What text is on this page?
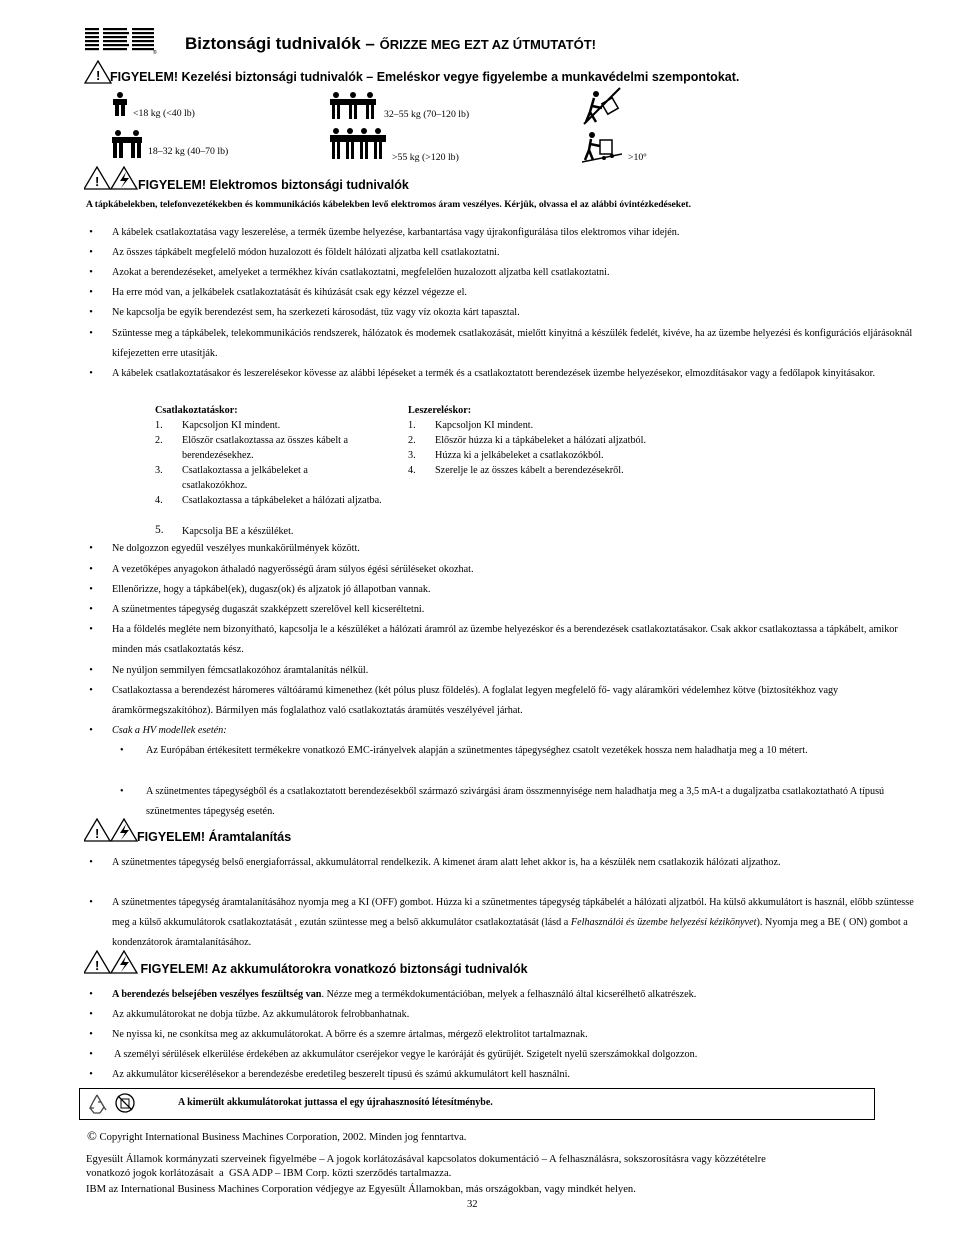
® Biztonsági tudnivalók – ŐRIZZE MEG EZT AZ ÚTMUTATÓT!
! FIGYELEM! Kezelési biztonsági tudnivalók – Emeléskor vegye figyelembe a munkavédelmi szempontokat.
<18 kg (<40 lb)
18–32 kg (40–70 lb)
32–55 kg (70–120 lb)
>55 kg (>120 lb)	>10º
!	FIGYELEM! Elektromos biztonsági tudnivalók
A tápkábelekben, telefonvezetékekben és kommunikációs kábelekben levő elektromos áram veszélyes. Kérjük, olvassa el az alábbi óvintézkedéseket.
•	A kábelek csatlakoztatása vagy leszerelése, a termék üzembe helyezése, karbantartása vagy újrakonfigurálása tilos elektromos vihar idején.
•	Az összes tápkábelt megfelelő módon huzalozott és földelt hálózati aljzatba kell csatlakoztatni.
•	Azokat a berendezéseket, amelyeket a termékhez kíván csatlakoztatni, megfelelően huzalozott aljzatba kell csatlakoztatni.
•	Ha erre mód van, a jelkábelek csatlakoztatását és kihúzását csak egy kézzel végezze el.
•	Ne kapcsolja be egyik berendezést sem, ha szerkezeti károsodást, tűz vagy víz okozta kárt tapasztal.
•	Szüntesse meg a tápkábelek, telekommunikációs rendszerek, hálózatok és modemek csatlakozását, mielőtt kinyitná a készülék fedelét, kivéve, ha az üzembe helyezési és konfigurációs eljárásoknál kifejezetten erre utasítják.
•	A kábelek csatlakoztatásakor és leszerelésekor kövesse az alábbi lépéseket a termék és a csatlakoztatott berendezések üzembe helyezésekor, elmozdításakor vagy a fedőlapok kinyitásakor.
Csatlakoztatáskor:
1.	Kapcsoljon KI mindent.
2.	Először csatlakoztassa az összes kábelt a berendezésekhez.
3.	Csatlakoztassa a jelkábeleket a csatlakozókhoz.
4.	Csatlakoztassa a tápkábeleket a hálózati aljzatba.
5.	Kapcsolja BE a készüléket.
Leszereléskor:
1.	Kapcsoljon KI mindent.
2.	Először húzza ki a tápkábeleket a hálózati aljzatból.
3.	Húzza ki a jelkábeleket a csatlakozókból.
4.	Szerelje le az összes kábelt a berendezésekről.
•	Ne dolgozzon egyedül veszélyes munkakörülmények között.
•	A vezetőképes anyagokon áthaladó nagyerősségű áram súlyos égési sérüléseket okozhat.
•	Ellenőrizze, hogy a tápkábel(ek), dugasz(ok) és aljzatok jó állapotban vannak.
•	A szünetmentes tápegység dugaszát szakképzett szerelővel kell kicseréltetni.
•	Ha a földelés megléte nem bizonyítható, kapcsolja le a készüléket a hálózati áramról az üzembe helyezéskor és a berendezések csatlakoztatásakor. Csak akkor csatlakoztassa a tápkábelt, amikor minden más csatlakoztatás kész.
•	Ne nyúljon semmilyen fémcsatlakozóhoz áramtalanítás nélkül.
•	Csatlakoztassa a berendezést háromeres váltóáramú kimenethez (két pólus plusz földelés). A foglalat legyen megfelelő fő- vagy aláramköri védelemhez kötve (biztosítékhoz vagy áramkörmegszakítóhoz). Bármilyen más foglalathoz való csatlakoztatás áramütés veszélyével járhat.
•	Csak a HV modellek esetén:
• Az Európában értékesített termékekre vonatkozó EMC-irányelvek alapján a szünetmentes tápegységhez csatolt vezetékek hossza nem haladhatja meg a 10 métert.
• A szünetmentes tápegységből és a csatlakoztatott berendezésekből származó szivárgási áram összmennyisége nem haladhatja meg a 3,5 mA-t a dugaljzatba csatlakoztatható A típusú szünetmentes tápegység esetén.
!	FIGYELEM! Áramtalanítás
•	A szünetmentes tápegység belső energiaforrással, akkumulátorral rendelkezik. A kimenet áram alatt lehet akkor is, ha a készülék nem csatlakozik hálózati aljzathoz.
•	A szünetmentes tápegység áramtalanításához nyomja meg a KI (OFF) gombot. Húzza ki a szünetmentes tápegység tápkábelét a hálózati aljzatból. Ha külső akkumulátort is használ, előbb szüntesse meg a külső akkumulátorok csatlakoztatását , ezután szüntesse meg a belső akkumulátor csatlakoztatását (lásd a Felhasználói és üzembe helyezési kézikönyvet). Nyomja meg a BE ( ON) gombot a kondenzátorok áramtalanításához.
!	FIGYELEM! Az akkumulátorokra vonatkozó biztonsági tudnivalók
•	A berendezés belsejében veszélyes feszültség van. Nézze meg a termékdokumentációban, melyek a felhasználó által kicserélhető alkatrészek.
•	Az akkumulátorokat ne dobja tűzbe. Az akkumulátorok felrobbanhatnak.
•	Ne nyissa ki, ne csonkítsa meg az akkumulátorokat. A bőrre és a szemre ártalmas, mérgező elektrolitot tartalmaznak.
•	A személyi sérülések elkerülése érdekében az akkumulátor cseréjekor vegye le karóráját és gyűrűjét. Szigetelt nyelű szerszámokkal dolgozzon.
•	Az akkumulátor kicserélésekor a berendezésbe eredetileg beszerelt típusú és számú akkumulátort kell használni.
A kimerült akkumulátorokat juttassa el egy újrahasznosító létesítménybe.
© Copyright International Business Machines Corporation, 2002. Minden jog fenntartva.
Egyesült Államok kormányzati szerveinek figyelmébe – A jogok korlátozásával kapcsolatos dokumentáció – A felhasználásra, sokszorosításra vagy közzétételre
vonatkozó jogok korlátozásait  a  GSA ADP – IBM Corp. közti szerződés tartalmazza.
IBM az International Business Machines Corporation védjegye az Egyesült Államokban, más országokban, vagy mindkét helyen.
32
